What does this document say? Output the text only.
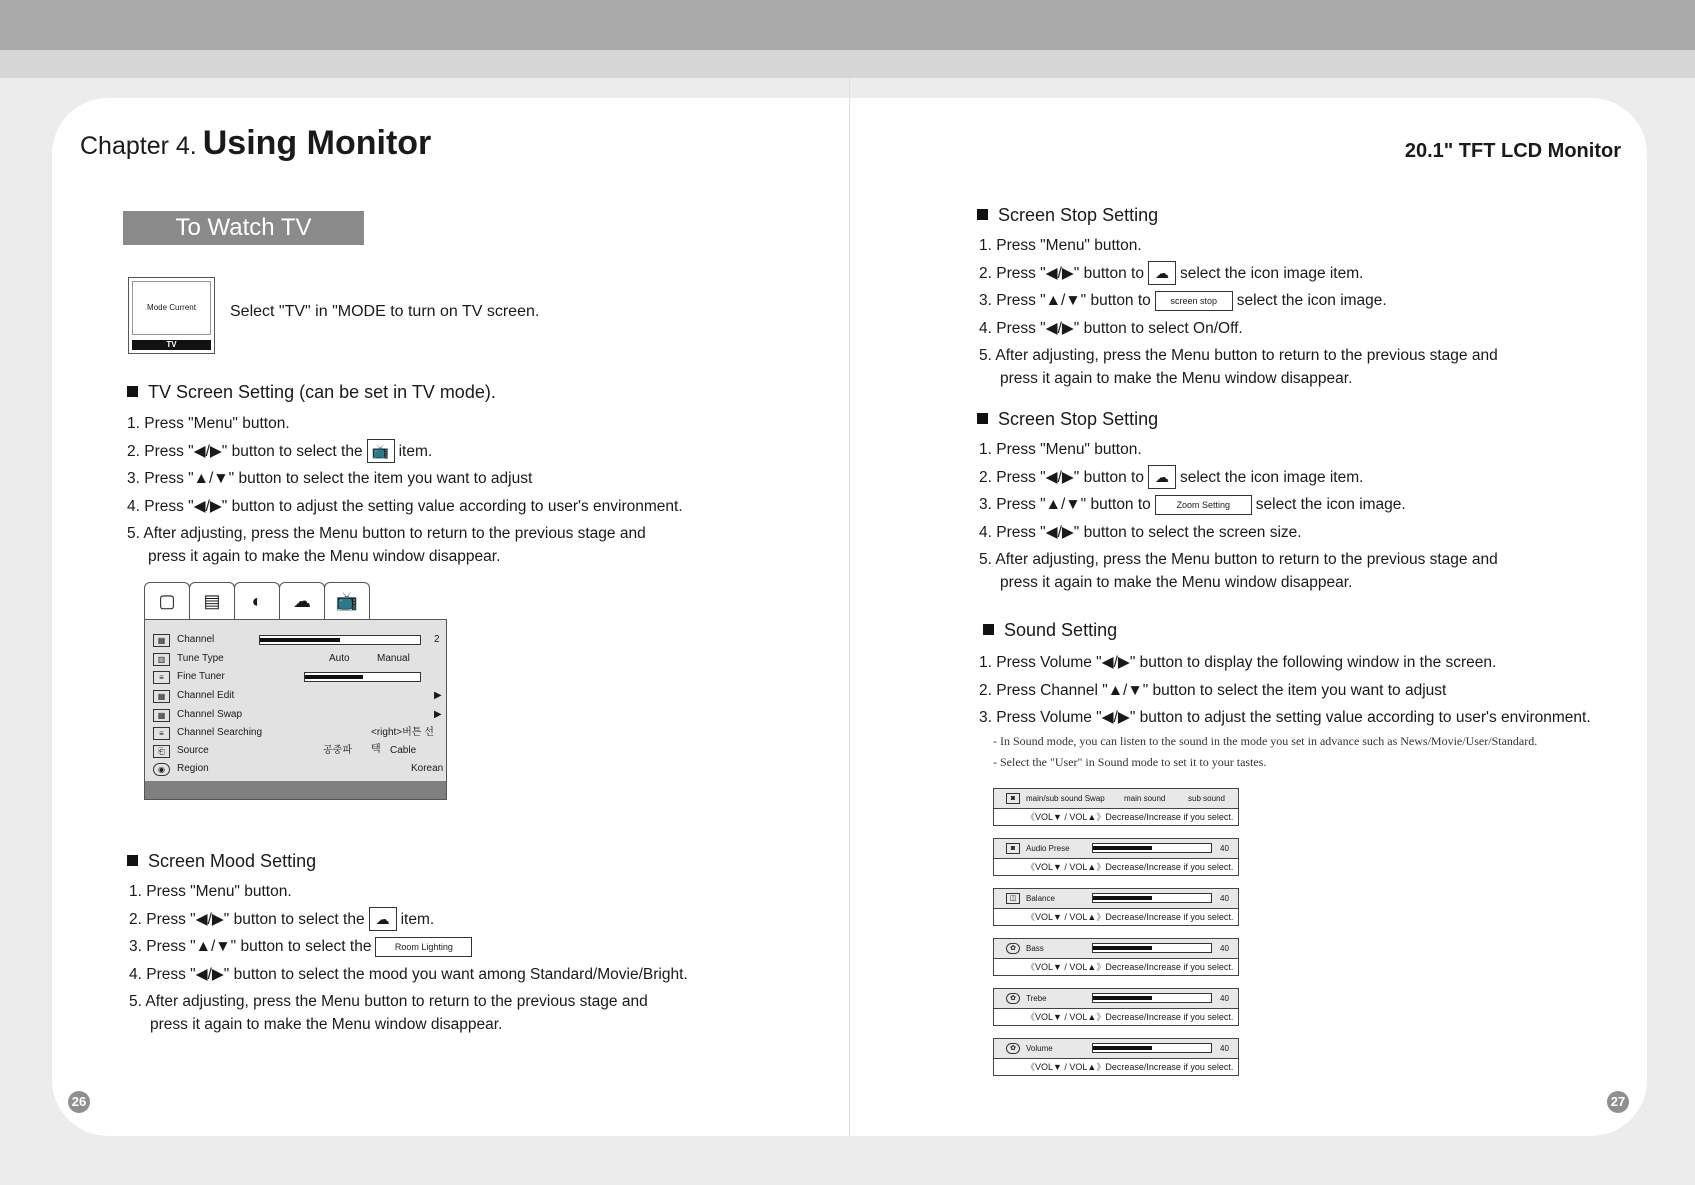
Chapter 4. Using Monitor	20.1" TFT LCD Monitor
26	27
To Watch TV
Mode Current
TV
Select "TV" in "MODE to turn on TV screen.
TV Screen Setting (can be set in TV mode).
1. Press "Menu" button.
2. Press "◀/▶" button to select the 📺 item.
3. Press "▲/▼" button to select the item you want to adjust
4. Press "◀/▶" button to adjust the setting value according to user's environment.
5. After adjusting, press the Menu button to return to the previous stage and
press it again to make the Menu window disappear.
▢	▤	◐	☁	📺
▦	Channel	2
▥	Tune Type	Auto	Manual
≡	Fine Tuner
▦	Channel Edit	▶
▦	Channel Swap	▶
≡	Channel Searching	<right>버튼 선택
⎗	Source	공중파	Cable
◉	Region	Korean
Screen Mood Setting
1. Press "Menu" button.
2. Press "◀/▶" button to select the ☁ item.
3. Press "▲/▼" button to select the	Room Lighting
4. Press "◀/▶" button to select the mood you want among Standard/Movie/Bright.
5. After adjusting, press the Menu button to return to the previous stage and
press it again to make the Menu window disappear.
Screen Stop Setting
1. Press "Menu" button.
2. Press "◀/▶" button to ☁ select the icon image item.
3. Press "▲/▼" button to screen stop select the icon image.
4. Press "◀/▶" button to select On/Off.
5. After adjusting, press the Menu button to return to the previous stage and
press it again to make the Menu window disappear.
Screen Stop Setting
1. Press "Menu" button.
2. Press "◀/▶" button to ☁ select the icon image item.
3. Press "▲/▼" button to	Zoom Setting select the icon image.
4. Press "◀/▶" button to select the screen size.
5. After adjusting, press the Menu button to return to the previous stage and
press it again to make the Menu window disappear.
Sound Setting
1. Press Volume "◀/▶" button to display the following window in the screen.
2. Press Channel "▲/▼" button to select the item you want to adjust
3. Press Volume "◀/▶" button to adjust the setting value according to user's environment.
- In Sound mode, you can listen to the sound in the mode you set in advance such as News/Movie/User/Standard.
- Select the "User" in Sound mode to set it to your tastes.
◙	main/sub sound Swap main sound	sub sound
《VOL▼ / VOL▲》Decrease/Increase if you select.
◙	Audio Prese	40
《VOL▼ / VOL▲》Decrease/Increase if you select.
◫	Balance	40
《VOL▼ / VOL▲》Decrease/Increase if you select.
✿	Bass	40
《VOL▼ / VOL▲》Decrease/Increase if you select.
✿	Trebe	40
《VOL▼ / VOL▲》Decrease/Increase if you select.
✿	Volume	40
《VOL▼ / VOL▲》Decrease/Increase if you select.
